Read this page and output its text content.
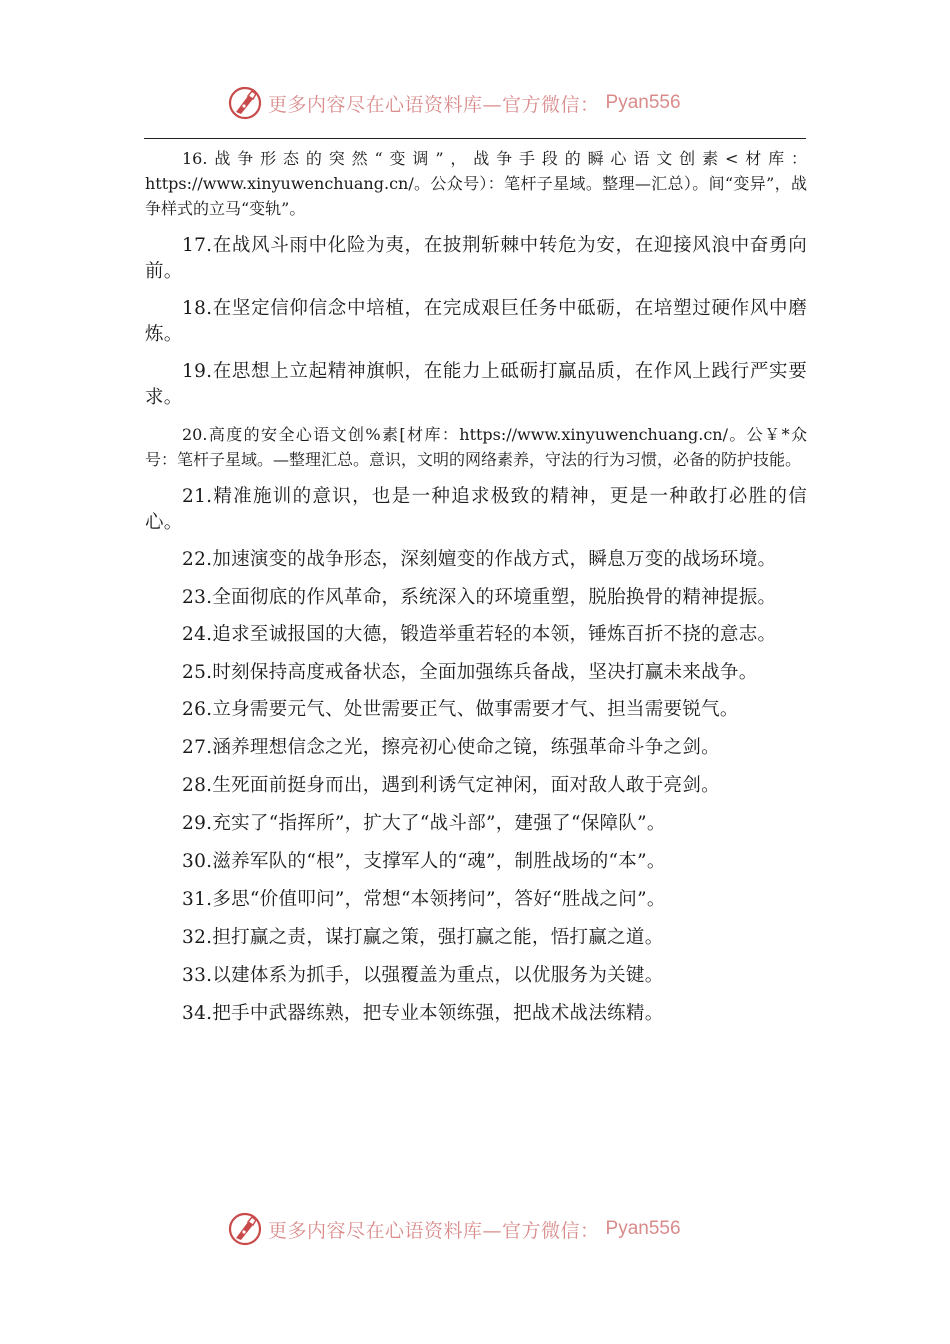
更多内容尽在心语资料库—官方微信： Pyan556

16.战争形态的突然“变调”，战争手段的瞬心语文创素<材库：https://www.xinyuwenchuang.cn/。公众号）：笔杆子星域。整理—汇总）。间“变异”，战争样式的立马“变轨”。

17.在战风斗雨中化险为夷，在披荆斩棘中转危为安，在迎接风浪中奋勇向前。

18.在坚定信仰信念中培植，在完成艰巨任务中砥砺，在培塑过硬作风中磨炼。

19.在思想上立起精神旗帜，在能力上砥砺打赢品质，在作风上践行严实要求。

20.高度的安全心语文创%素[材库：https://www.xinyuwenchuang.cn/。公￥*众号：笔杆子星域。—整理汇总。意识，文明的网络素养，守法的行为习惯，必备的防护技能。

21.精准施训的意识，也是一种追求极致的精神，更是一种敢打必胜的信心。

22.加速演变的战争形态，深刻嬗变的作战方式，瞬息万变的战场环境。

23.全面彻底的作风革命，系统深入的环境重塑，脱胎换骨的精神提振。

24.追求至诚报国的大德，锻造举重若轻的本领，锤炼百折不挠的意志。

25.时刻保持高度戒备状态，全面加强练兵备战，坚决打赢未来战争。

26.立身需要元气、处世需要正气、做事需要才气、担当需要锐气。

27.涵养理想信念之光，擦亮初心使命之镜，练强革命斗争之剑。

28.生死面前挺身而出，遇到利诱气定神闲，面对敌人敢于亮剑。

29.充实了“指挥所”，扩大了“战斗部”，建强了“保障队”。

30.滋养军队的“根”，支撑军人的“魂”，制胜战场的“本”。

31.多思“价值叩问”，常想“本领拷问”，答好“胜战之问”。

32.担打赢之责，谋打赢之策，强打赢之能，悟打赢之道。

33.以建体系为抓手，以强覆盖为重点，以优服务为关键。

34.把手中武器练熟，把专业本领练强，把战术战法练精。

更多内容尽在心语资料库—官方微信： Pyan556
